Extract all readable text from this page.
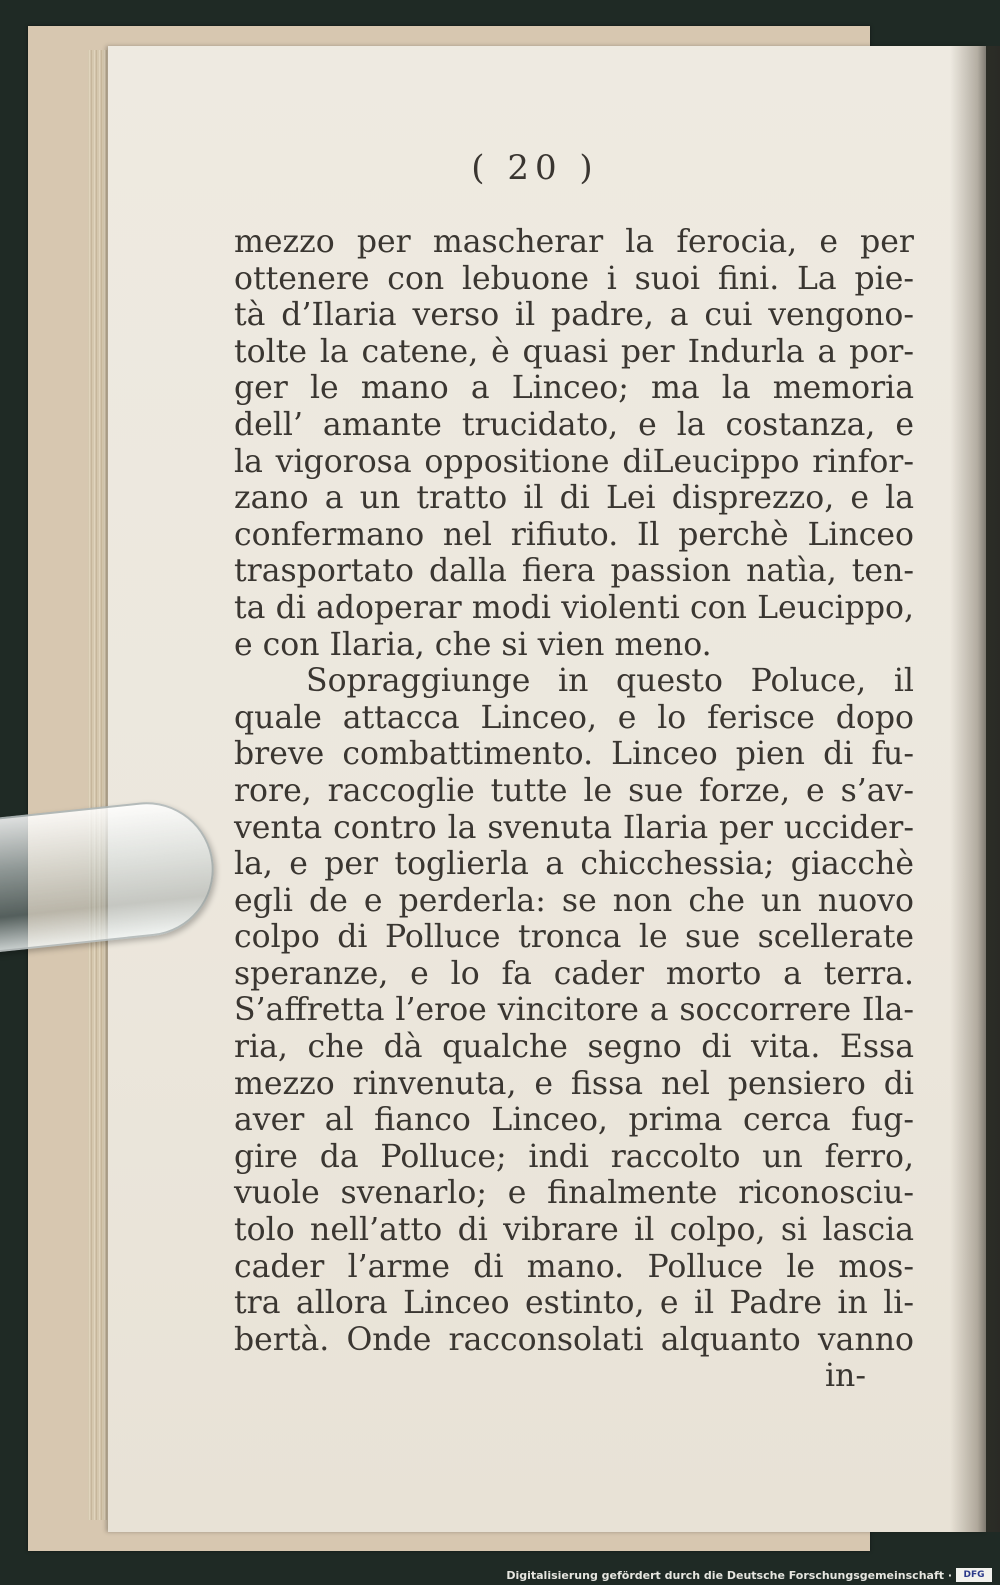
( 20 )
mezzo per mascherar la ferocia, e per
ottenere con lebuone i suoi fini. La pie-
tà d’Ilaria verso il padre, a cui vengono-
tolte la catene, è quasi per Indurla a por-
ger le mano a Linceo; ma la memoria
dell’ amante trucidato, e la costanza, e
la vigorosa oppositione diLeucippo rinfor-
zano a un tratto il di Lei disprezzo, e la
confermano nel rifiuto. Il perchè Linceo
trasportato dalla fiera passion natìa, ten-
ta di adoperar modi violenti con Leucippo,
e con Ilaria, che si vien meno.
Sopraggiunge in questo Poluce, il
quale attacca Linceo, e lo ferisce dopo
breve combattimento. Linceo pien di fu-
rore, raccoglie tutte le sue forze, e s’av-
venta contro la svenuta Ilaria per uccider-
la, e per toglierla a chicchessia; giacchè
egli de e perderla: se non che un nuovo
colpo di Polluce tronca le sue scellerate
speranze, e lo fa cader morto a terra.
S’affretta l’eroe vincitore a soccorrere Ila-
ria, che dà qualche segno di vita. Essa
mezzo rinvenuta, e fissa nel pensiero di
aver al fianco Linceo, prima cerca fug-
gire da Polluce; indi raccolto un ferro,
vuole svenarlo; e finalmente riconosciu-
tolo nell’atto di vibrare il colpo, si lascia
cader l’arme di mano. Polluce le mos-
tra allora Linceo estinto, e il Padre in li-
bertà. Onde racconsolati alquanto vanno
in-
Digitalisierung gefördert durch die Deutsche Forschungsgemeinschaft ·	DFG
